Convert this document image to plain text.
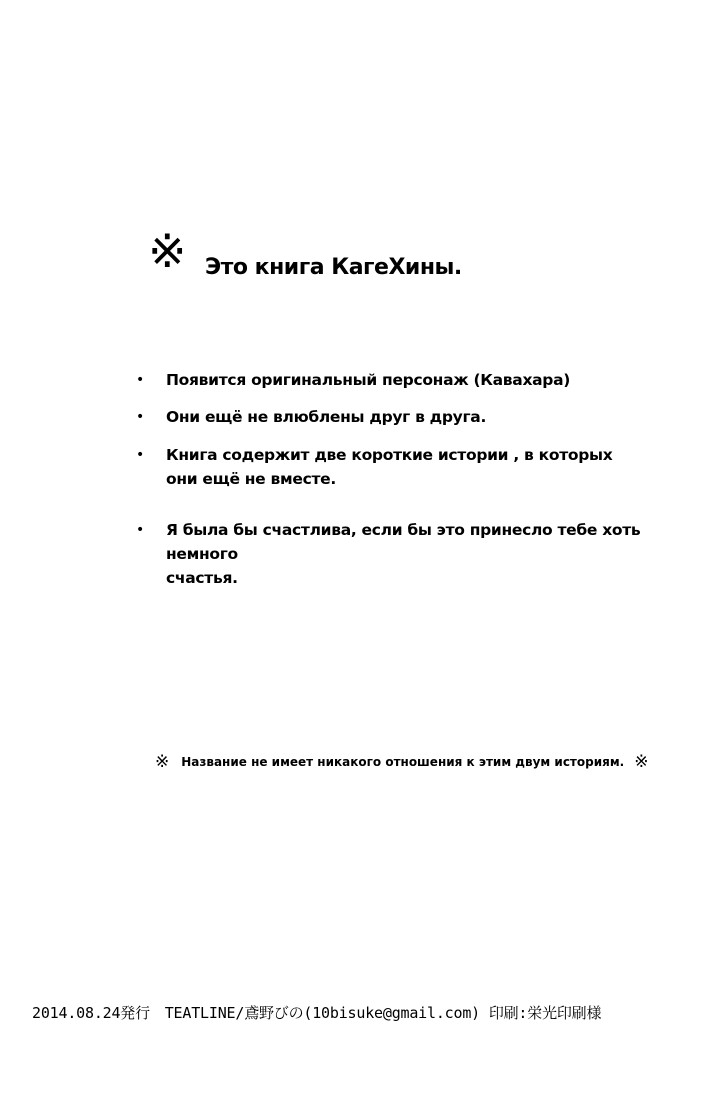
※ Это книга КагеХины.
• Появится оригинальный персонаж (Кавахара)
• Они ещё не влюблены друг в друга.
• Книга содержит две короткие истории , в которых
они ещё не вместе.
• Я была бы счастлива, если бы это принесло тебе хоть немного
счастья.
※ Название не имеет никакого отношения к этим двум историям. ※
2014.08.24発行　TEATLINE/鳶野びの(10bisuke@gmail.com) 印刷:栄光印刷様
